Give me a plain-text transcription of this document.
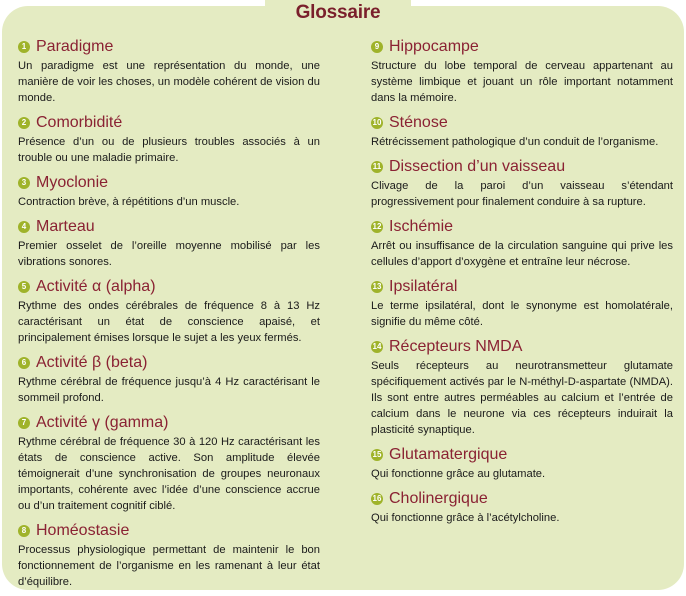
1 Paradigme
Un paradigme est une représentation du monde, une manière de voir les choses, un modèle cohérent de vision du monde.
2 Comorbidité
Présence d’un ou de plusieurs troubles associés à un trouble ou une maladie primaire.
3 Myoclonie
Contraction brève, à répétitions d’un muscle.
4 Marteau
Premier osselet de l’oreille moyenne mobilisé par les vibrations sonores.
5 Activité α (alpha)
Rythme des ondes cérébrales de fréquence 8 à 13 Hz caractérisant un état de conscience apaisé, et principalement émises lorsque le sujet a les yeux fermés.
6 Activité β (beta)
Rythme cérébral de fréquence jusqu’à 4 Hz caractérisant le sommeil profond.
7 Activité γ (gamma)
Rythme cérébral de fréquence 30 à 120 Hz caractérisant les états de conscience active. Son amplitude élevée témoignerait d’une synchronisation de groupes neuronaux importants, cohérente avec l’idée d’une conscience accrue ou d’un traitement cognitif ciblé.
8 Homéostasie
Processus physiologique permettant de maintenir le bon fonctionnement de l’organisme en les ramenant à leur état d’équilibre.
9 Hippocampe
Structure du lobe temporal de cerveau appartenant au système limbique et jouant un rôle important notamment dans la mémoire.
10 Sténose
Rétrécissement pathologique d’un conduit de l’organisme.
11 Dissection d’un vaisseau
Clivage de la paroi d’un vaisseau s’étendant progressivement pour finalement conduire à sa rupture.
12 Ischémie
Arrêt ou insuffisance de la circulation sanguine qui prive les cellules d’apport d’oxygène et entraîne leur nécrose.
13 Ipsilatéral
Le terme ipsilatéral, dont le synonyme est homolatérale, signifie du même côté.
14 Récepteurs NMDA
Seuls récepteurs au neurotransmetteur glutamate spécifiquement activés par le N-méthyl-D-aspartate (NMDA). Ils sont entre autres perméables au calcium et l’entrée de calcium dans le neurone via ces récepteurs induirait la plasticité synaptique.
15 Glutamatergique
Qui fonctionne grâce au glutamate.
16 Cholinergique
Qui fonctionne grâce à l’acétylcholine.
Glossaire
